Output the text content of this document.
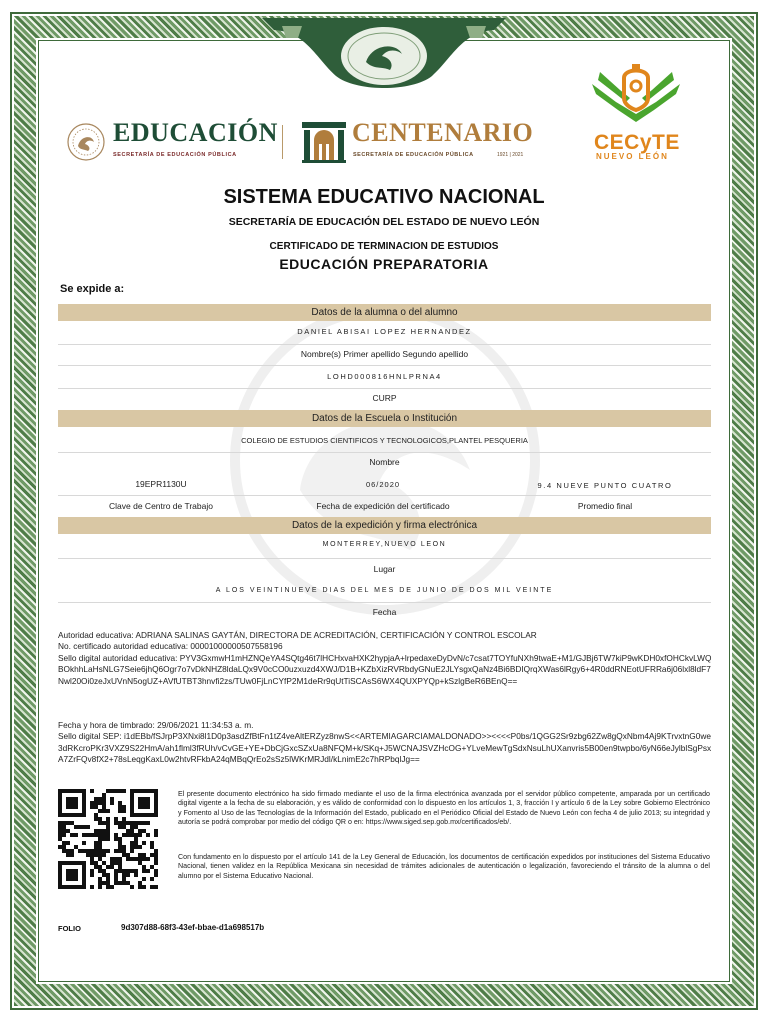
EDUCACIÓN
SECRETARÍA DE EDUCACIÓN PÚBLICA
CENTENARIO
SECRETARÍA DE EDUCACIÓN PÚBLICA	1921 | 2021
CECyTE
NUEVO LEÓN
SISTEMA EDUCATIVO NACIONAL
SECRETARÍA DE EDUCACIÓN DEL ESTADO DE NUEVO LEÓN
CERTIFICADO DE TERMINACION DE ESTUDIOS
EDUCACIÓN PREPARATORIA
Se expide a:
Datos de la alumna o del alumno
DANIEL ABISAI LOPEZ HERNANDEZ
Nombre(s) Primer apellido Segundo apellido
LOHD000816HNLPRNA4
CURP
Datos de la Escuela o Institución
COLEGIO DE ESTUDIOS CIENTIFICOS Y TECNOLOGICOS,PLANTEL PESQUERIA
Nombre
19EPR1130U	06/2020	9.4 NUEVE PUNTO CUATRO
Clave de Centro de Trabajo	Fecha de expedición del certificado	Promedio final
Datos de la expedición y firma electrónica
MONTERREY,NUEVO LEON
Lugar
A LOS VEINTINUEVE DIAS DEL MES DE JUNIO DE DOS MIL VEINTE
Fecha
Autoridad educativa: ADRIANA SALINAS GAYTÁN, DIRECTORA DE ACREDITACIÓN, CERTIFICACIÓN Y CONTROL ESCOLAR
No. certificado autoridad educativa: 00001000000507558196
Sello digital autoridad educativa: PYV3GxmwH1mHZNQeYA4SQtg46t7lHCHxvaHXK2hypjaA+lrpedaxeDyDvN/c7csat7TOYfuNXh9twaE+M1/GJBj6TW7kiP9wKDH0xfOHCkvLWQBOkhhLaHsNLG7Seie6jhQ6Ogr7o7vDkNHZ8ldaLQx9V0cCO0uzxuzd4XWJ/D1B+KZbXizRVRbdyGNuE2JLYsgxQaNz4Bi6BDIQrqXWas6lRgy6+4R0ddRNEotUFRRa6j06lxl8ldF7Nwl20Oi0zeJxUVnN5ogUZ+AVfUTBT3hnvfi2zs/TUw0FjLnCYfP2M1deRr9qUtTiSCAsS6WX4QUXPYQp+kSzlgBeR6BEnQ==
Fecha y hora de timbrado: 29/06/2021 11:34:53 a. m.
Sello digital SEP: i1dEBb/fSJrpP3XNxi8l1D0p3asdZfBtFn1tZ4veAltERZyz8nwS<<ARTEMIAGARCIAMALDONADO>><<<<P0bs/1QGG2Sr9zbg62Zw8gQxNbm4Aj9KTrvxtnG0we3dRKcroPKr3VXZ9S22HmA/ah1flml3fRUh/vCvGE+YE+DbCjGxcSZxUa8NFQM+k/SKq+J5WCNAJSVZHcOG+YLveMewTgSdxNsuLhUXanvris5B00en9twpbo/6yN66eJylblSgPsxA7ZrFQv8fX2+78sLeqgKaxL0w2htvRFkbA24qMBqQrEo2sSz5lWKrMRJdl/kLnimE2c7hRPbqlJg==
El presente documento electrónico ha sido firmado mediante el uso de la firma electrónica avanzada por el servidor público competente, amparada por un certificado digital vigente a la fecha de su elaboración, y es válido de conformidad con lo dispuesto en los artículos 1, 3, fracción I y artículo 6 de la Ley sobre Gobierno Electrónico y Fomento al Uso de las Tecnologías de la Información del Estado, publicado en el Periódico Oficial del Estado de Nuevo León con fecha 4 de julio 2013; su integridad y autoría se podrá comprobar por medio del código QR o en: https://www.siged.sep.gob.mx/certificados/eb/.
Con fundamento en lo dispuesto por el artículo 141 de la Ley General de Educación, los documentos de certificación expedidos por instituciones del Sistema Educativo Nacional, tienen validez en la República Mexicana sin necesidad de trámites adicionales de autenticación o legalización, favoreciendo el tránsito de la alumna o del alumno por el Sistema Educativo Nacional.
FOLIO	9d307d88-68f3-43ef-bbae-d1a698517b
